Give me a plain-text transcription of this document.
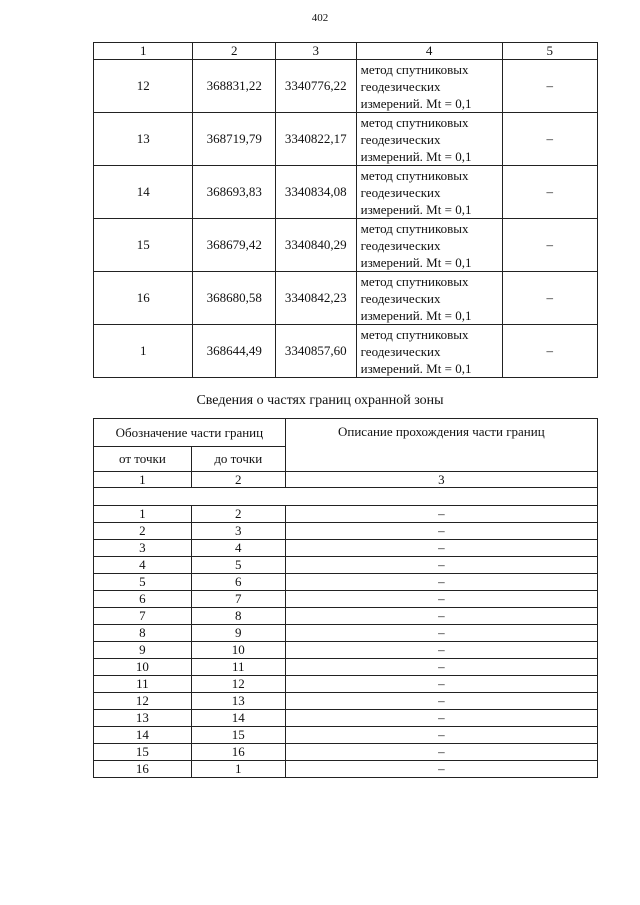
402
1	2	3	4	5
12	368831,22	3340776,22	метод спутниковых
геодезических
измерений. Mt = 0,1	–
13	368719,79	3340822,17	метод спутниковых
геодезических
измерений. Mt = 0,1	–
14	368693,83	3340834,08	метод спутниковых
геодезических
измерений. Mt = 0,1	–
15	368679,42	3340840,29	метод спутниковых
геодезических
измерений. Mt = 0,1	–
16	368680,58	3340842,23	метод спутниковых
геодезических
измерений. Mt = 0,1	–
1	368644,49	3340857,60	метод спутниковых
геодезических
измерений. Mt = 0,1	–
Сведения о частях границ охранной зоны
Обозначение части границ		Описание прохождения части границ
от точки	до точки	
1	2	3

1	2	–
2	3	–
3	4	–
4	5	–
5	6	–
6	7	–
7	8	–
8	9	–
9	10	–
10	11	–
11	12	–
12	13	–
13	14	–
14	15	–
15	16	–
16	1	–
